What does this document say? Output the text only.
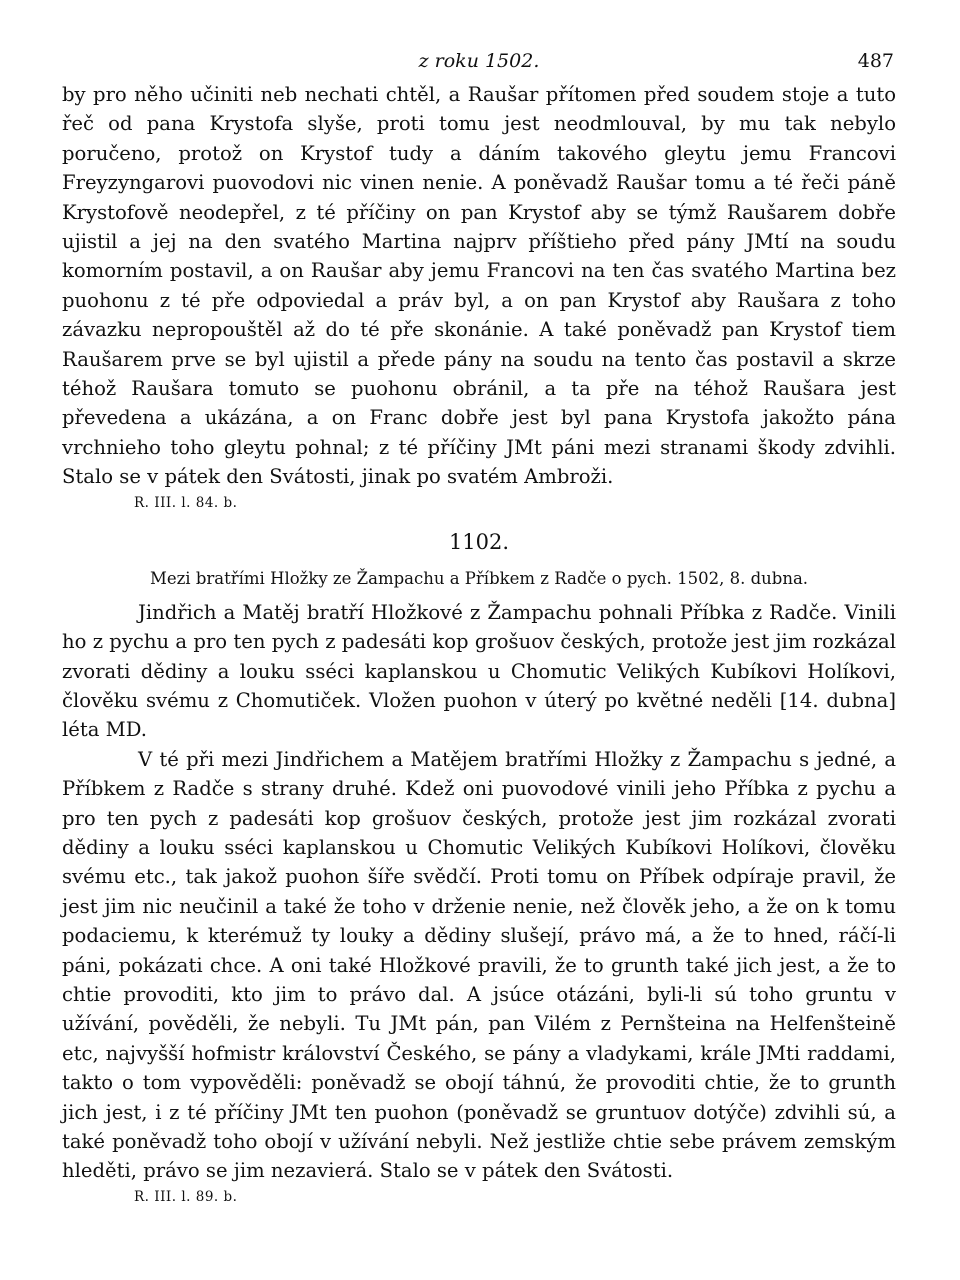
z roku 1502.	487

by pro něho učiniti neb nechati chtěl, a Raušar přítomen před soudem stoje a tuto řeč od pana Krystofa slyše, proti tomu jest neodmlouval, by mu tak nebylo poručeno, protož on Krystof tudy a dáním takového gleytu jemu Francovi Freyzyngarovi puovodovi nic vinen nenie. A poněvadž Raušar tomu a té řeči páně Krystofově neodepřel, z té příčiny on pan Krystof aby se týmž Raušarem dobře ujistil a jej na den svatého Martina najprv příštieho před pány JMtí na soudu komorním postavil, a on Raušar aby jemu Francovi na ten čas svatého Martina bez puohonu z té pře odpoviedal a práv byl, a on pan Krystof aby Raušara z toho závazku nepropouštěl až do té pře skonánie. A také poněvadž pan Krystof tiem Raušarem prve se byl ujistil a přede pány na soudu na tento čas postavil a skrze téhož Raušara tomuto se puohonu obránil, a ta pře na téhož Raušara jest převedena a ukázána, a on Franc dobře jest byl pana Krystofa jakožto pána vrchnieho toho gleytu pohnal; z té příčiny JMt páni mezi stranami škody zdvihli. Stalo se v pátek den Svátosti, jinak po svatém Ambroži.

R. III. l. 84. b.
1102.
Mezi bratřími Hložky ze Žampachu a Příbkem z Radče o pych. 1502, 8. dubna.

Jindřich a Matěj bratří Hložkové z Žampachu pohnali Příbka z Radče. Vinili ho z pychu a pro ten pych z padesáti kop grošuov českých, protože jest jim rozkázal zvorati dědiny a louku sséci kaplanskou u Chomutic Velikých Kubíkovi Holíkovi, člověku svému z Chomutiček. Vložen puohon v úterý po květné neděli [14. dubna] léta MD.

V té při mezi Jindřichem a Matějem bratřími Hložky z Žampachu s jedné, a Příbkem z Radče s strany druhé. Kdež oni puovodové vinili jeho Příbka z pychu a pro ten pych z padesáti kop grošuov českých, protože jest jim rozkázal zvorati dědiny a louku sséci kaplanskou u Chomutic Velikých Kubíkovi Holíkovi, člověku svému etc., tak jakož puohon šíře svědčí. Proti tomu on Příbek odpíraje pravil, že jest jim nic neučinil a také že toho v drženie nenie, než člověk jeho, a že on k tomu podaciemu, k kterémuž ty louky a dědiny slušejí, právo má, a že to hned, ráčí-li páni, pokázati chce. A oni také Hložkové pravili, že to grunth také jich jest, a že to chtie provoditi, kto jim to právo dal. A jsúce otázáni, byli-li sú toho gruntu v užívání, pověděli, že nebyli. Tu JMt pán, pan Vilém z Pernšteina na Helfenšteině etc, najvyšší hofmistr království Českého, se pány a vladykami, krále JMti raddami, takto o tom vypověděli: poněvadž se obojí táhnú, že provoditi chtie, že to grunth jich jest, i z té příčiny JMt ten puohon (poněvadž se gruntuov dotýče) zdvihli sú, a také poněvadž toho obojí v užívání nebyli. Než jestliže chtie sebe právem zemským hleděti, právo se jim nezavierá. Stalo se v pátek den Svátosti.

R. III. l. 89. b.
